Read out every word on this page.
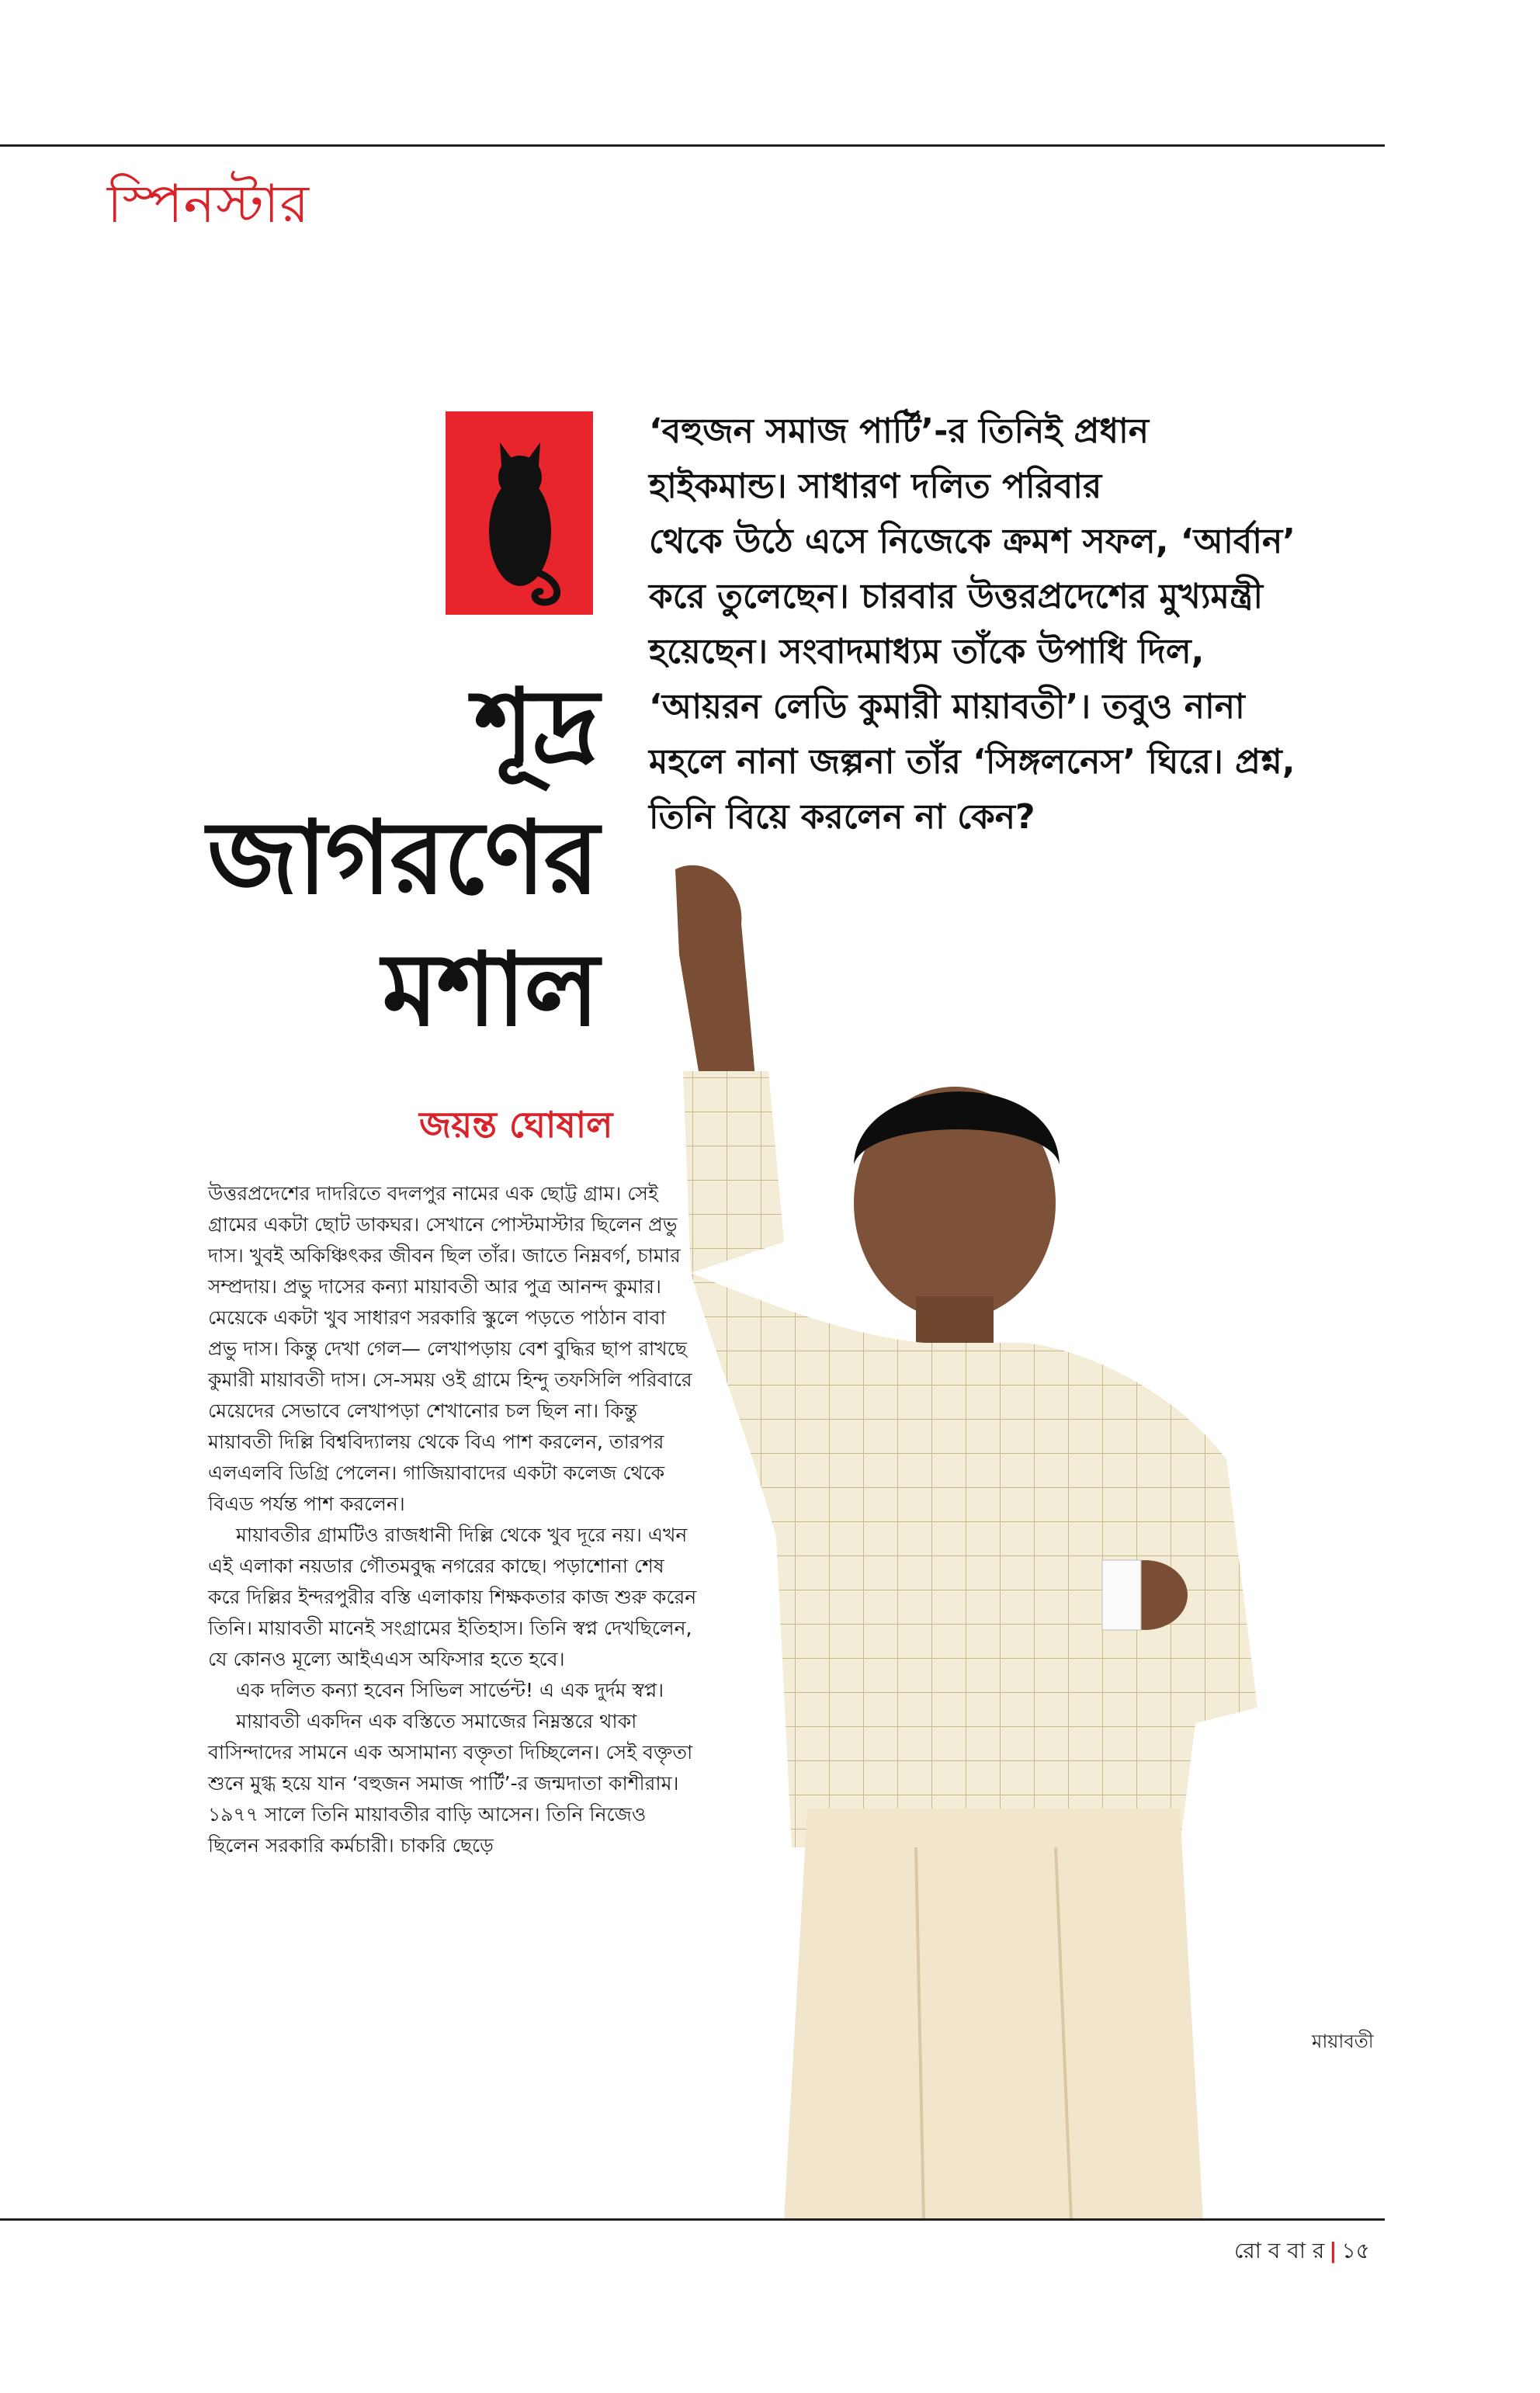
স্পিনস্টার
‘বহুজন সমাজ পার্টি’-র তিনিই প্রধান
হাইকমান্ড। সাধারণ দলিত পরিবার
থেকে উঠে এসে নিজেকে ক্রমশ সফল, ‘আর্বান’
করে তুলেছেন। চারবার উত্তরপ্রদেশের মুখ্যমন্ত্রী
হয়েছেন। সংবাদমাধ্যম তাঁকে উপাধি দিল,
‘আয়রন লেডি কুমারী মায়াবতী’। তবুও নানা
মহলে নানা জল্পনা তাঁর ‘সিঙ্গলনেস’ ঘিরে। প্রশ্ন,
তিনি বিয়ে করলেন না কেন?
শূদ্র
জাগরণের
মশাল
জয়ন্ত ঘোষাল

উত্তরপ্রদেশের দাদরিতে বদলপুর নামের এক ছোট্ট গ্রাম। সেই গ্রামের একটা ছোট ডাকঘর। সেখানে পোস্টমাস্টার ছিলেন প্রভু দাস। খুবই অকিঞ্চিৎকর জীবন ছিল তাঁর। জাতে নিম্নবর্গ, চামার সম্প্রদায়। প্রভু দাসের কন্যা মায়াবতী আর পুত্র আনন্দ কুমার। মেয়েকে একটা খুব সাধারণ সরকারি স্কুলে পড়তে পাঠান বাবা প্রভু দাস। কিন্তু দেখা গেল— লেখাপড়ায় বেশ বুদ্ধির ছাপ রাখছে কুমারী মায়াবতী দাস। সে-সময় ওই গ্রামে হিন্দু তফসিলি পরিবারে মেয়েদের সেভাবে লেখাপড়া শেখানোর চল ছিল না। কিন্তু মায়াবতী দিল্লি বিশ্ববিদ্যালয় থেকে বিএ পাশ করলেন, তারপর এলএলবি ডিগ্রি পেলেন। গাজিয়াবাদের একটা কলেজ থেকে বিএড পর্যন্ত পাশ করলেন।

মায়াবতীর গ্রামটিও রাজধানী দিল্লি থেকে খুব দূরে নয়। এখন এই এলাকা নয়ডার গৌতমবুদ্ধ নগরের কাছে। পড়াশোনা শেষ করে দিল্লির ইন্দরপুরীর বস্তি এলাকায় শিক্ষকতার কাজ শুরু করেন তিনি। মায়াবতী মানেই সংগ্রামের ইতিহাস। তিনি স্বপ্ন দেখছিলেন, যে কোনও মূল্যে আইএএস অফিসার হতে হবে।

এক দলিত কন্যা হবেন সিভিল সার্ভেন্ট! এ এক দুর্দম স্বপ্ন।

মায়াবতী একদিন এক বস্তিতে সমাজের নিম্নস্তরে থাকা বাসিন্দাদের সামনে এক অসামান্য বক্তৃতা দিচ্ছিলেন। সেই বক্তৃতা শুনে মুগ্ধ হয়ে যান ‘বহুজন সমাজ পার্টি’-র জন্মদাতা কাশীরাম। ১৯৭৭ সালে তিনি মায়াবতীর বাড়ি আসেন। তিনি নিজেও ছিলেন সরকারি কর্মচারী। চাকরি ছেড়ে

মায়াবতী
রো ব বা র | ১৫
